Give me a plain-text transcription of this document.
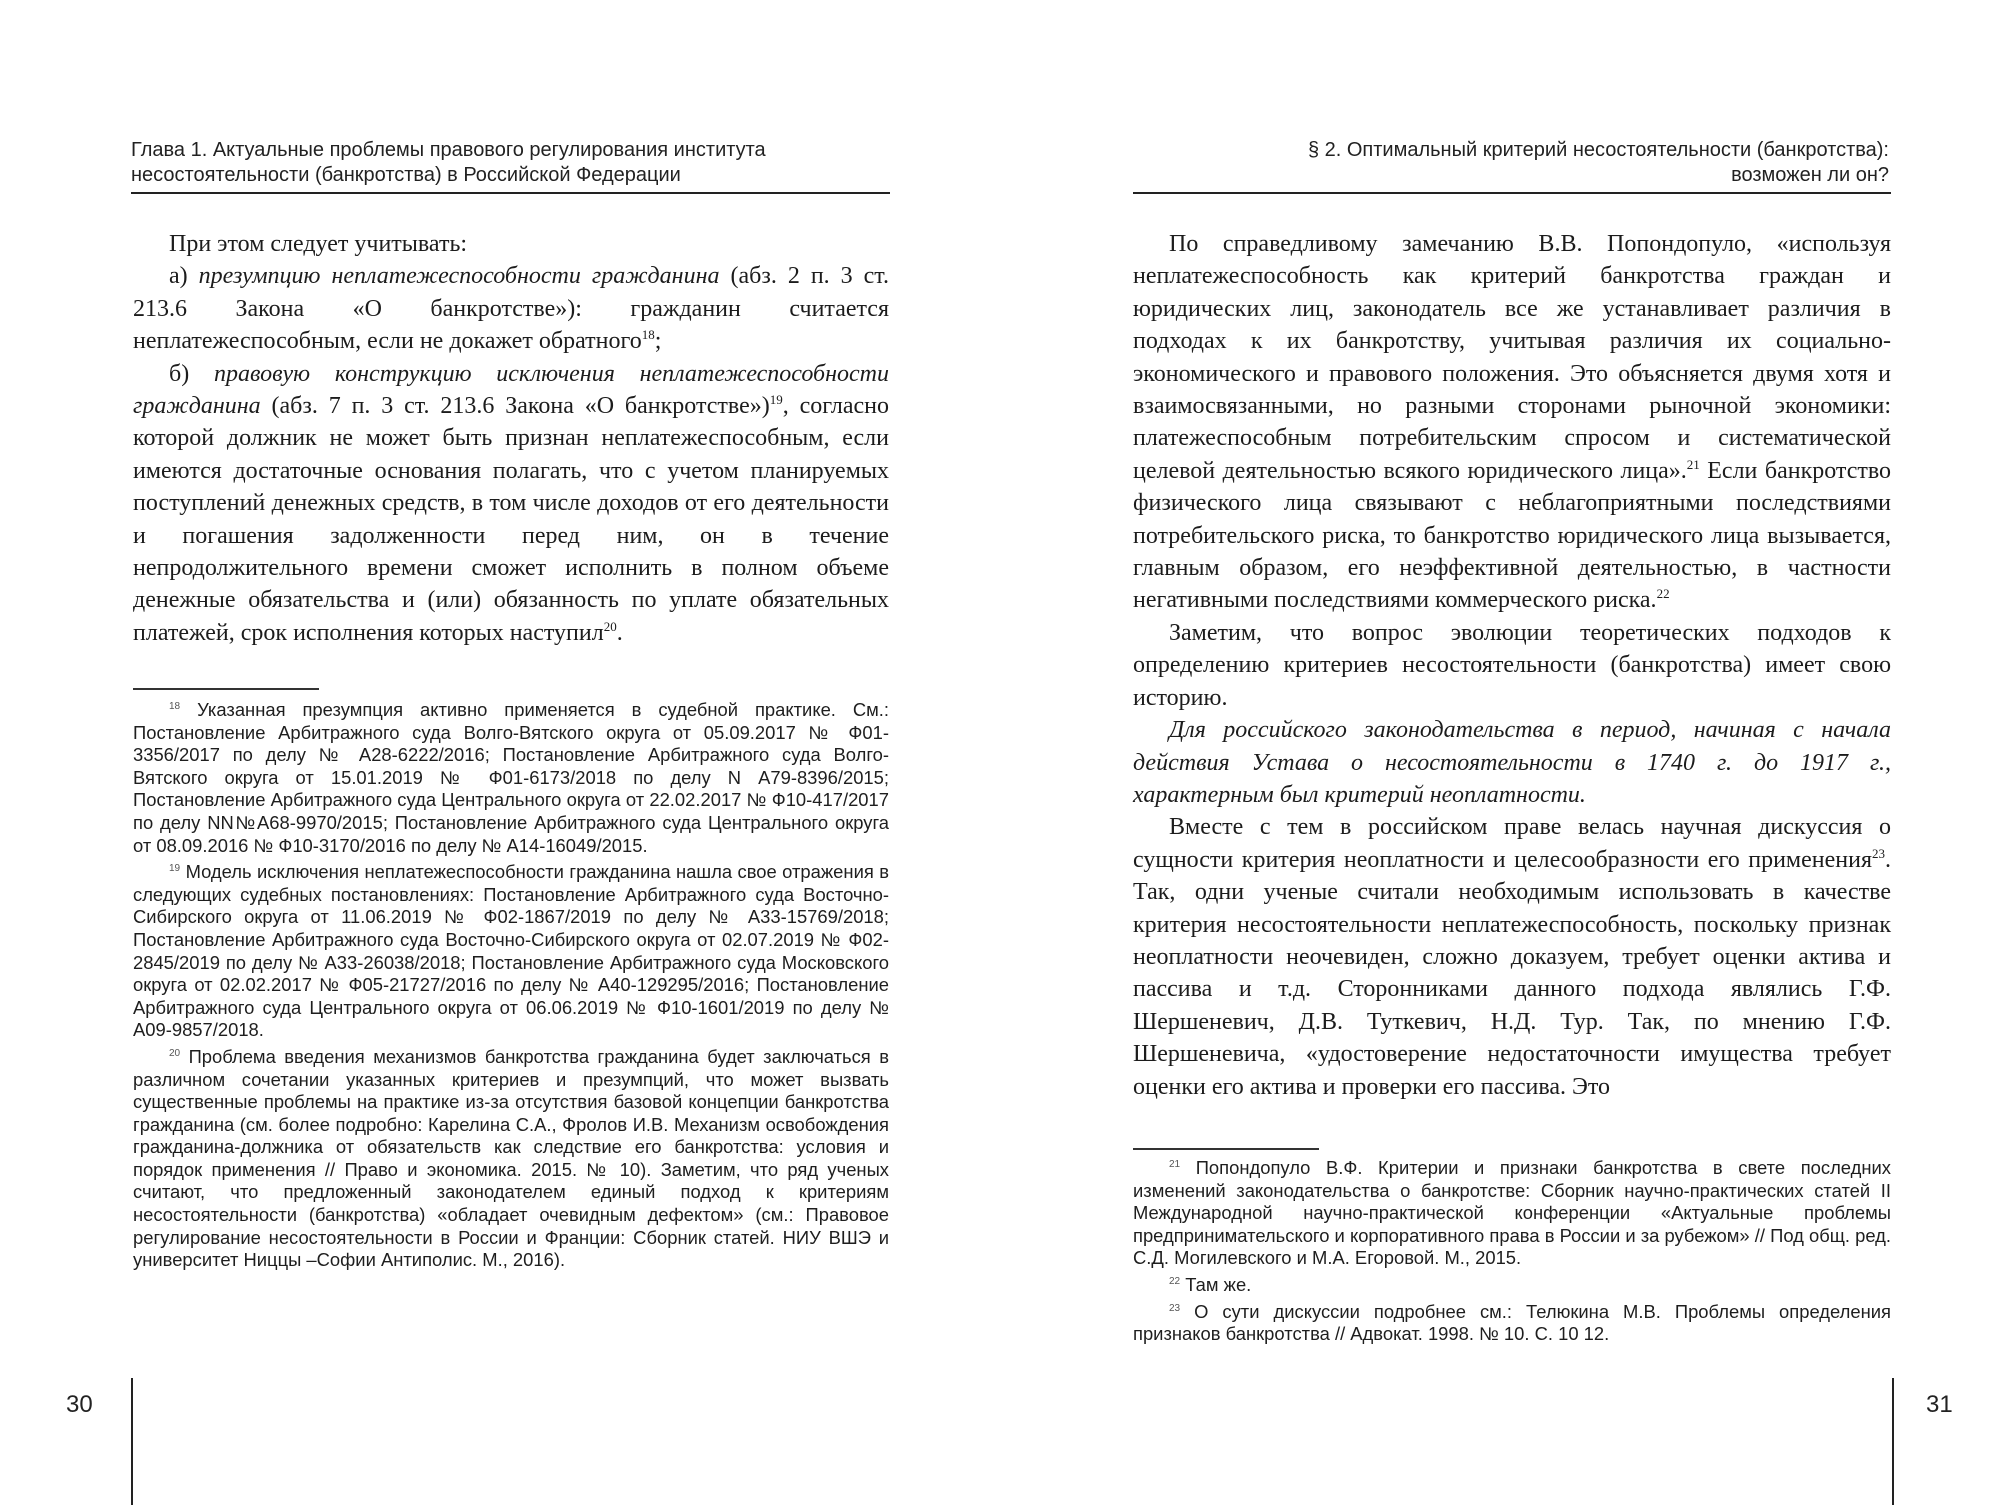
Глава 1. Актуальные проблемы правового регулирования института
несостоятельности (банкротства) в Российской Федерации

При этом следует учитывать:

а) презумпцию неплатежеспособности гражданина (абз. 2 п. 3 ст. 213.6 Закона «О банкротстве»): гражданин считается неплатежеспособным, если не докажет обратного$^{18}$;

б) правовую конструкцию исключения неплатежеспособности гражданина (абз. 7 п. 3 ст. 213.6 Закона «О банкротстве»)$^{19}$, согласно которой должник не может быть признан неплатежеспособным, если имеются достаточные основания полагать, что с учетом планируемых поступлений денежных средств, в том числе доходов от его деятельности и погашения задолженности перед ним, он в течение непродолжительного времени сможет исполнить в полном объеме денежные обязательства и (или) обязанность по уплате обязательных платежей, срок исполнения которых наступил$^{20}$.

$^{18}$ Указанная презумпция активно применяется в судебной практике. См.: Постановление Арбитражного суда Волго-Вятского округа от 05.09.2017 № Ф01-3356/2017 по делу № А28-6222/2016; Постановление Арбитражного суда Волго-Вятского округа от 15.01.2019 № Ф01-6173/2018 по делу N А79-8396/2015; Постановление Арбитражного суда Центрального округа от 22.02.2017 № Ф10-417/2017 по делу NN№А68-9970/2015; Постановление Арбитражного суда Центрального округа от 08.09.2016 № Ф10-3170/2016 по делу № А14-16049/2015.

$^{19}$ Модель исключения неплатежеспособности гражданина нашла свое отражения в следующих судебных постановлениях: Постановление Арбитражного суда Восточно-Сибирского округа от 11.06.2019 № Ф02-1867/2019 по делу № А33-15769/2018; Постановление Арбитражного суда Восточно-Сибирского округа от 02.07.2019 № Ф02-2845/2019 по делу № А33-26038/2018; Постановление Арбитражного суда Московского округа от 02.02.2017 № Ф05-21727/2016 по делу № А40-129295/2016; Постановление Арбитражного суда Центрального округа от 06.06.2019 № Ф10-1601/2019 по делу № А09-9857/2018.

$^{20}$ Проблема введения механизмов банкротства гражданина будет заключаться в различном сочетании указанных критериев и презумпций, что может вызвать существенные проблемы на практике из-за отсутствия базовой концепции банкротства гражданина (см. более подробно: Карелина С.А., Фролов И.В. Механизм освобождения гражданина-должника от обязательств как следствие его банкротства: условия и порядок применения // Право и экономика. 2015. № 10). Заметим, что ряд ученых считают, что предложенный законодателем единый подход к критериям несостоятельности (банкротства) «обладает очевидным дефектом» (см.: Правовое регулирование несостоятельности в России и Франции: Сборник статей. НИУ ВШЭ и университет Ниццы –Софии Антиполис. М., 2016).

30
§ 2. Оптимальный критерий несостоятельности (банкротства):
возможен ли он?

По справедливому замечанию В.В. Попондопуло, «используя неплатежеспособность как критерий банкротства граждан и юридических лиц, законодатель все же устанавливает различия в подходах к их банкротству, учитывая различия их социально-экономического и правового положения. Это объясняется двумя хотя и взаимосвязанными, но разными сторонами рыночной экономики: платежеспособным потребительским спросом и систематической целевой деятельностью всякого юридического лица».$^{21}$ Если банкротство физического лица связывают с неблагоприятными последствиями потребительского риска, то банкротство юридического лица вызывается, главным образом, его неэффективной деятельностью, в частности негативными последствиями коммерческого риска.$^{22}$

Заметим, что вопрос эволюции теоретических подходов к определению критериев несостоятельности (банкротства) имеет свою историю.

Для российского законодательства в период, начиная с начала действия Устава о несостоятельности в 1740 г. до 1917 г., характерным был критерий неоплатности.

Вместе с тем в российском праве велась научная дискуссия о сущности критерия неоплатности и целесообразности его применения$^{23}$. Так, одни ученые считали необходимым использовать в качестве критерия несостоятельности неплатежеспособность, поскольку признак неоплатности неочевиден, сложно доказуем, требует оценки актива и пассива и т.д. Сторонниками данного подхода являлись Г.Ф. Шершеневич, Д.В. Туткевич, Н.Д. Тур. Так, по мнению Г.Ф. Шершеневича, «удостоверение недостаточности имущества требует оценки его актива и проверки его пассива. Это

$^{21}$ Попондопуло В.Ф. Критерии и признаки банкротства в свете последних изменений законодательства о банкротстве: Сборник научно-практических статей II Международной научно-практической конференции «Актуальные проблемы предпринимательского и корпоративного права в России и за рубежом» // Под общ. ред. С.Д. Могилевского и М.А. Егоровой. М., 2015.

$^{22}$ Там же.

$^{23}$ О сути дискуссии подробнее см.: Телюкина М.В. Проблемы определения признаков банкротства // Адвокат. 1998. № 10. С. 10 12.

31
